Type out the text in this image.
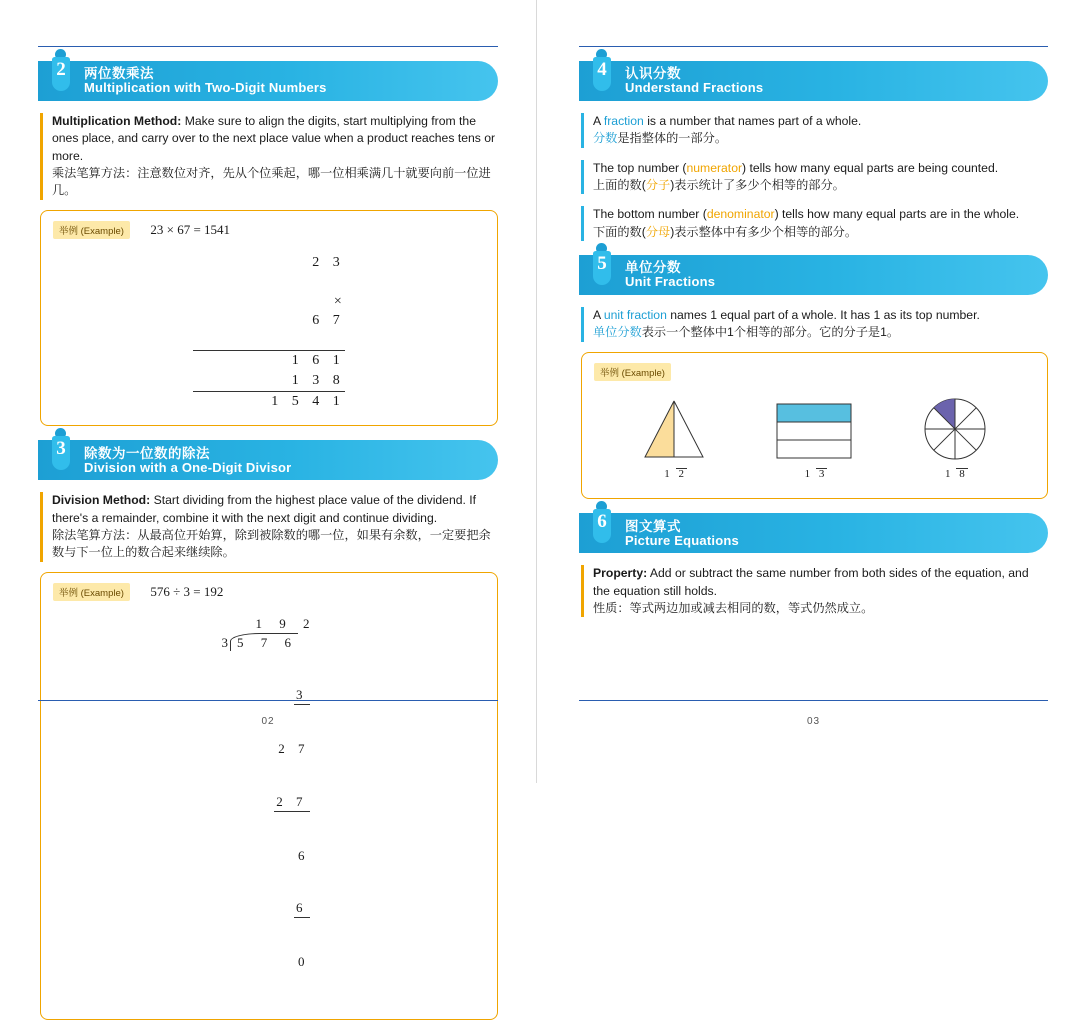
2	两位数乘法
Multiplication with Two-Digit Numbers
Multiplication Method: Make sure to align the digits, start multiplying from the ones place, and carry over to the next place value when a product reaches tens or more.
乘法笔算方法：注意数位对齐，先从个位乘起，哪一位相乘满几十就要向前一位进几。
举例 (Example) 23 × 67 = 1541
2 3

×
6 7

1 6 1
1 3 8
1 5 4 1
3	除数为一位数的除法
Division with a One-Digit Divisor
Division Method: Start dividing from the highest place value of the dividend. If there's a remainder, combine it with the next digit and continue dividing.
除法笔算方法：从最高位开始算，除到被除数的哪一位，如果有余数，一定要把余数与下一位上的数合起来继续除。
举例 (Example) 576 ÷ 3 = 192
1 9 2
3 5 7 6

3

2 7

2 7

6

6

0

02
4	认识分数
Understand Fractions
A fraction is a number that names part of a whole.
分数是指整体的一部分。
The top number (numerator) tells how many equal parts are being counted.
上面的数(分子)表示统计了多少个相等的部分。
The bottom number (denominator) tells how many equal parts are in the whole.
下面的数(分母)表示整体中有多少个相等的部分。
5	单位分数
Unit Fractions
A unit fraction names 1 equal part of a whole. It has 1 as its top number.
单位分数表示一个整体中1个相等的部分。它的分子是1。
举例 (Example)
1 2	1 3	1 8
6	图文算式
Picture Equations
Property: Add or subtract the same number from both sides of the equation, and the equation still holds.
性质：等式两边加或减去相同的数，等式仍然成立。
03
